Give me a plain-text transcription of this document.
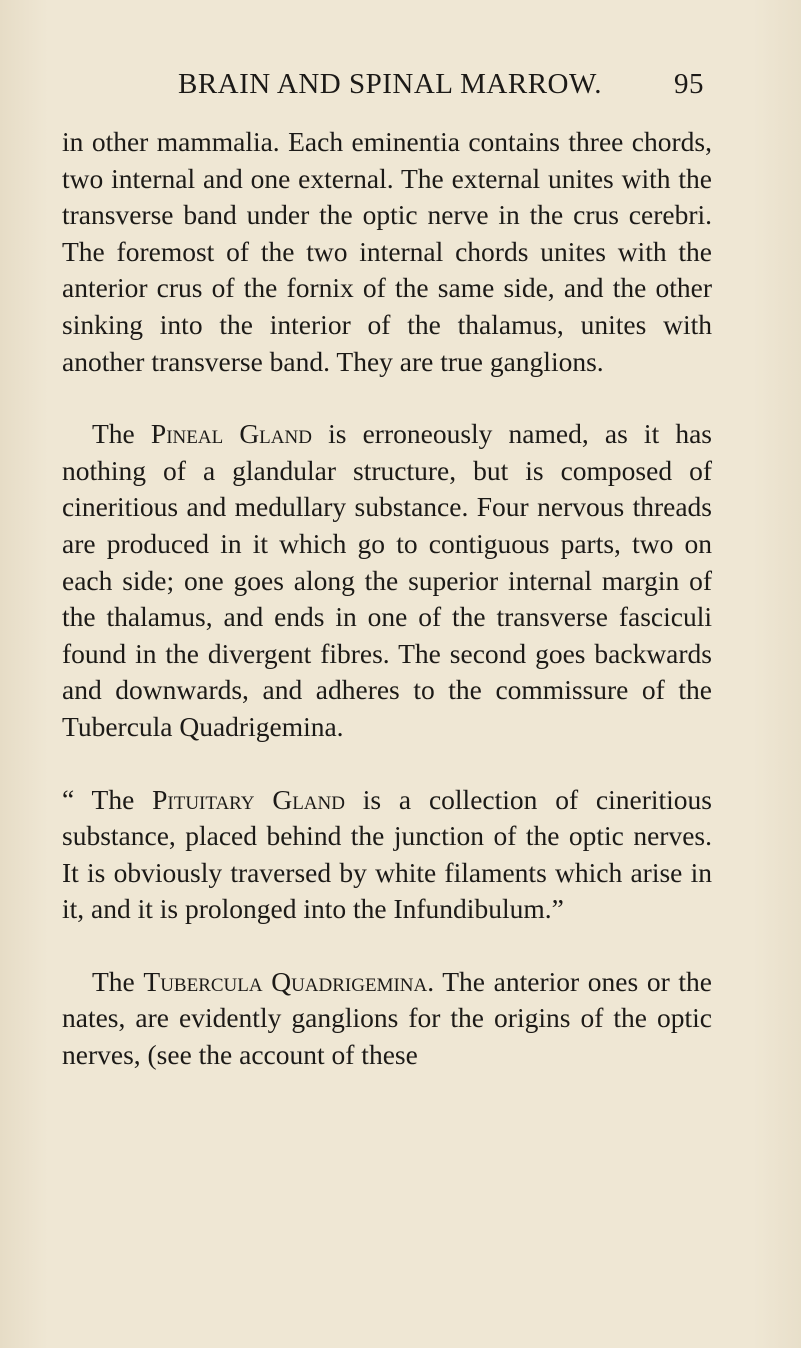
BRAIN AND SPINAL MARROW. 95

in other mammalia. Each eminentia contains three chords, two internal and one external. The external unites with the transverse band under the optic nerve in the crus cerebri. The foremost of the two internal chords unites with the anterior crus of the fornix of the same side, and the other sinking into the interior of the thalamus, unites with another transverse band. They are true ganglions.

The Pineal Gland is erroneously named, as it has nothing of a glandular structure, but is composed of cineritious and medullary substance. Four nervous threads are produced in it which go to contiguous parts, two on each side; one goes along the superior internal margin of the thalamus, and ends in one of the transverse fasciculi found in the divergent fibres. The second goes backwards and downwards, and adheres to the commissure of the Tubercula Quadrigemina.

“ The Pituitary Gland is a collection of cineritious substance, placed behind the junction of the optic nerves. It is obviously traversed by white filaments which arise in it, and it is prolonged into the Infundibulum.”

The Tubercula Quadrigemina. The anterior ones or the nates, are evidently ganglions for the origins of the optic nerves, (see the account of these
